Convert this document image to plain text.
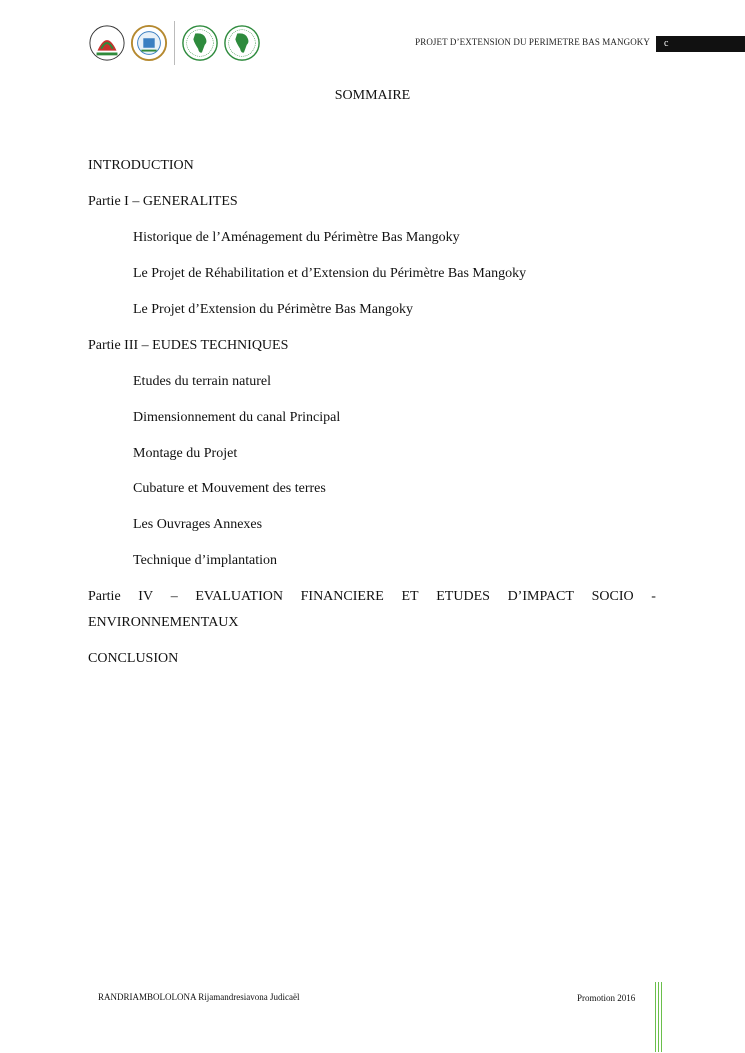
PROJET D’EXTENSION DU PERIMETRE BAS MANGOKY	c
SOMMAIRE
INTRODUCTION
Partie I – GENERALITES
Historique de l’Aménagement du Périmètre Bas Mangoky
Le Projet de Réhabilitation et d’Extension du Périmètre Bas Mangoky
Le Projet d’Extension du Périmètre Bas Mangoky
Partie III – EUDES TECHNIQUES
Etudes du terrain naturel
Dimensionnement du canal Principal
Montage du Projet
Cubature et Mouvement des terres
Les Ouvrages Annexes
Technique d’implantation
Partie IV – EVALUATION FINANCIERE ET ETUDES D’IMPACT SOCIO -
ENVIRONNEMENTAUX
CONCLUSION
RANDRIAMBOLOLONA Rijamandresiavona Judicaël	Promotion 2016
